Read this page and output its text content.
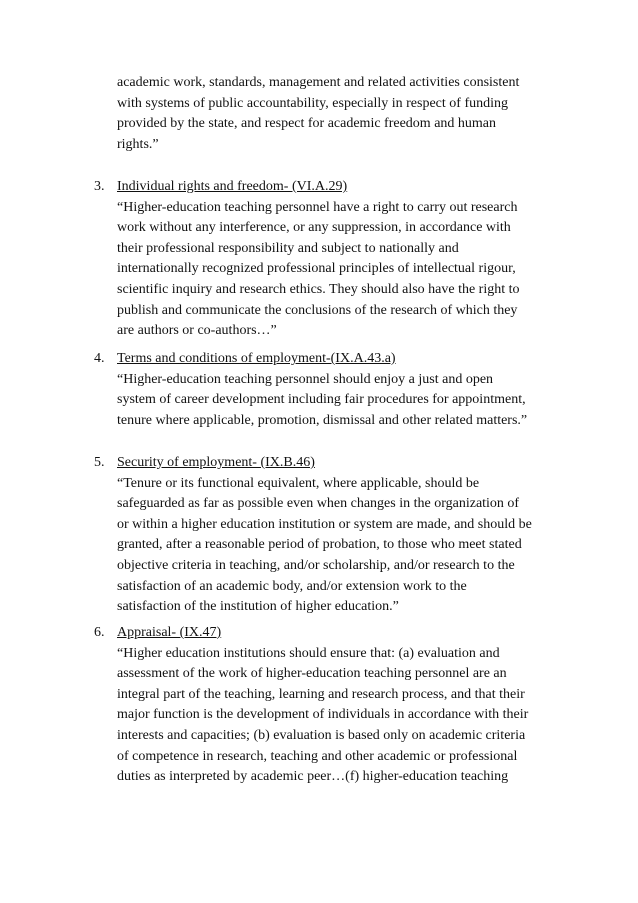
academic work, standards, management and related activities consistent
with systems of public accountability, especially in respect of funding
provided by the state, and respect for academic freedom and human
rights.”
3. Individual rights and freedom- (VI.A.29)
“Higher-education teaching personnel have a right to carry out research
work without any interference, or any suppression, in accordance with
their professional responsibility and subject to nationally and
internationally recognized professional principles of intellectual rigour,
scientific inquiry and research ethics. They should also have the right to
publish and communicate the conclusions of the research of which they
are authors or co-authors…”
4. Terms and conditions of employment-(IX.A.43.a)
“Higher-education teaching personnel should enjoy a just and open
system of career development including fair procedures for appointment,
tenure where applicable, promotion, dismissal and other related matters.”
5. Security of employment- (IX.B.46)
“Tenure or its functional equivalent, where applicable, should be
safeguarded as far as possible even when changes in the organization of
or within a higher education institution or system are made, and should be
granted, after a reasonable period of probation, to those who meet stated
objective criteria in teaching, and/or scholarship, and/or research to the
satisfaction of an academic body, and/or extension work to the
satisfaction of the institution of higher education.”
6. Appraisal- (IX.47)
“Higher education institutions should ensure that: (a) evaluation and
assessment of the work of higher-education teaching personnel are an
integral part of the teaching, learning and research process, and that their
major function is the development of individuals in accordance with their
interests and capacities; (b) evaluation is based only on academic criteria
of competence in research, teaching and other academic or professional
duties as interpreted by academic peer…(f) higher-education teaching
